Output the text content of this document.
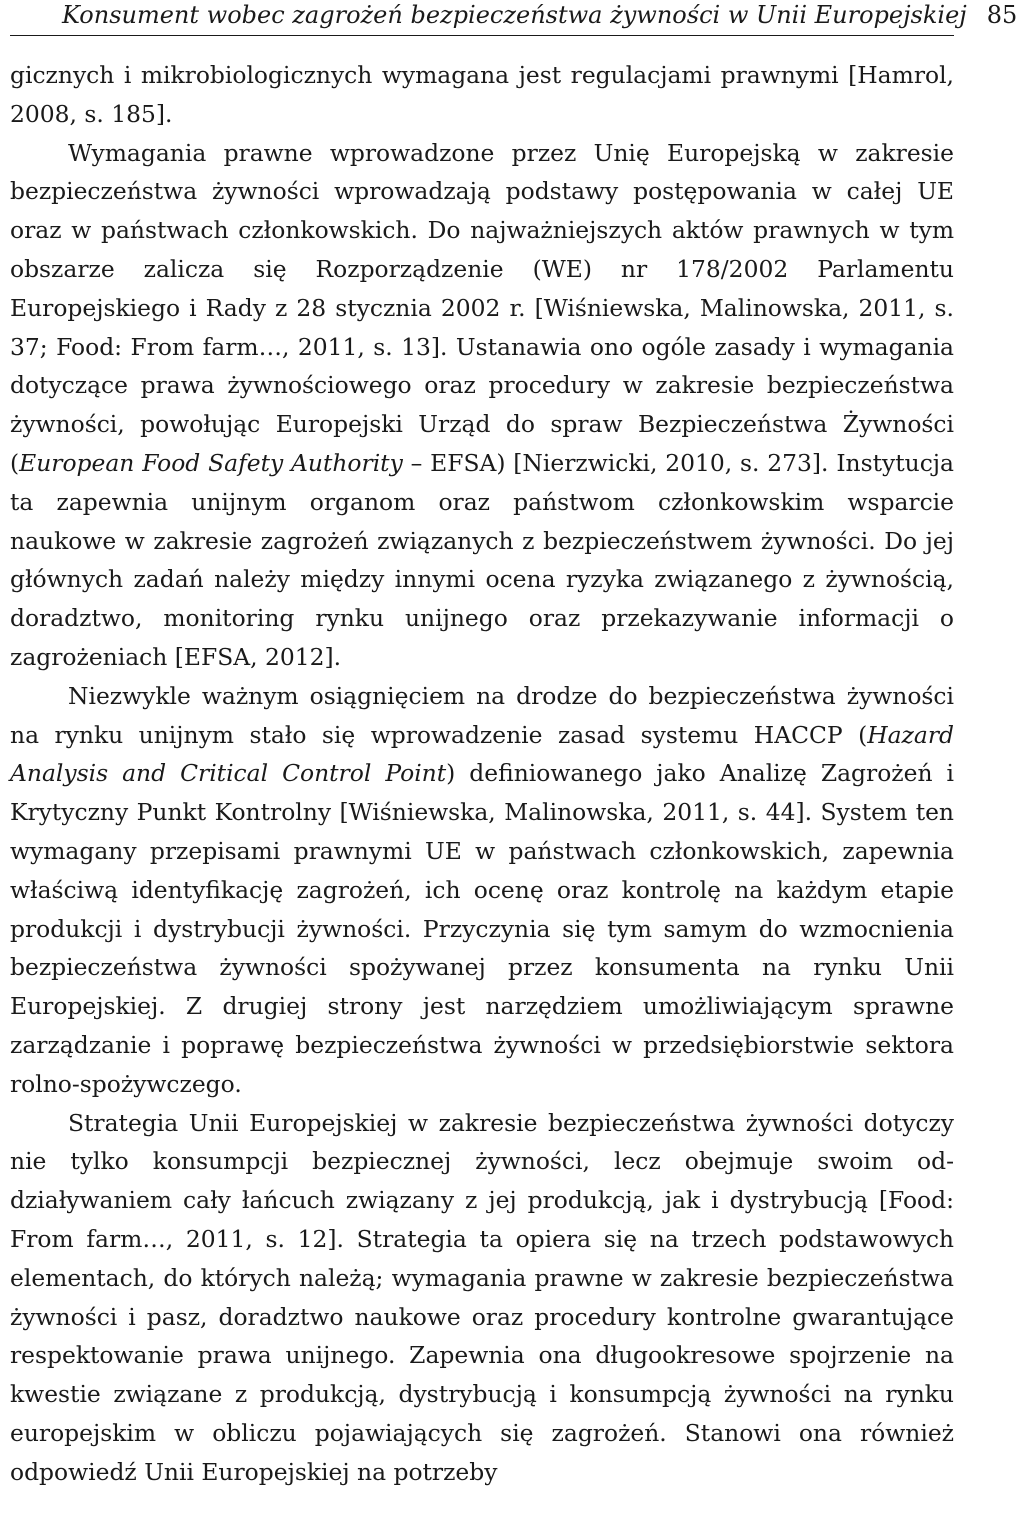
Konsument wobec zagrożeń bezpieczeństwa żywności w Unii Europejskiej 85

gicznych i mikrobiologicznych wymagana jest regulacjami prawnymi [Hamrol, 2008, s. 185].

Wymagania prawne wprowadzone przez Unię Europejską w zakresie bezpieczeństwa żywności wprowadzają podstawy postępowania w całej UE oraz w państwach członkowskich. Do najważniejszych aktów prawnych w tym obszarze zalicza się Rozporządzenie (WE) nr 178/2002 Parlamentu Europejskiego i Rady z 28 stycznia 2002 r. [Wiśniewska, Malinowska, 2011, s. 37; Food: From farm…, 2011, s. 13]. Ustanawia ono ogóle zasady i wymagania dotyczące prawa żywnościowego oraz procedury w zakresie bezpieczeństwa żywności, powołując Europejski Urząd do spraw Bezpieczeństwa Żywności (European Food Safety Authority – EFSA) [Nierzwicki, 2010, s. 273]. Instytucja ta zapewnia unijnym organom oraz państwom członkowskim wsparcie naukowe w zakresie zagrożeń związanych z bezpieczeństwem żywności. Do jej głównych zadań należy między innymi ocena ryzyka związanego z żywnością, doradztwo, monitoring rynku unijnego oraz przekazywanie informacji o zagrożeniach [EFSA, 2012].

Niezwykle ważnym osiągnięciem na drodze do bezpieczeństwa żywności na rynku unijnym stało się wprowadzenie zasad systemu HACCP (Hazard Analysis and Critical Control Point) definiowanego jako Analizę Zagrożeń i Krytyczny Punkt Kontrolny [Wiśniewska, Malinowska, 2011, s. 44]. System ten wymagany przepisami prawnymi UE w państwach członkowskich, zapewnia właściwą identyfikację zagrożeń, ich ocenę oraz kontrolę na każdym etapie produkcji i dystrybucji żywności. Przyczynia się tym samym do wzmocnienia bezpieczeństwa żywności spożywanej przez konsumenta na rynku Unii Europejskiej. Z drugiej strony jest narzędziem umożliwiającym sprawne zarządzanie i poprawę bezpieczeństwa żywności w przedsiębiorstwie sektora rolno-spożywczego.

Strategia Unii Europejskiej w zakresie bezpieczeństwa żywności dotyczy nie tylko konsumpcji bezpiecznej żywności, lecz obejmuje swoim oddziaływaniem cały łańcuch związany z jej produkcją, jak i dystrybucją [Food: From farm…, 2011, s. 12]. Strategia ta opiera się na trzech podstawowych elementach, do których należą; wymagania prawne w zakresie bezpieczeństwa żywności i pasz, doradztwo naukowe oraz procedury kontrolne gwarantujące respektowanie prawa unijnego. Zapewnia ona długookresowe spojrzenie na kwestie związane z produkcją, dystrybucją i konsumpcją żywności na rynku europejskim w obliczu pojawiających się zagrożeń. Stanowi ona również odpowiedź Unii Europejskiej na potrzeby
